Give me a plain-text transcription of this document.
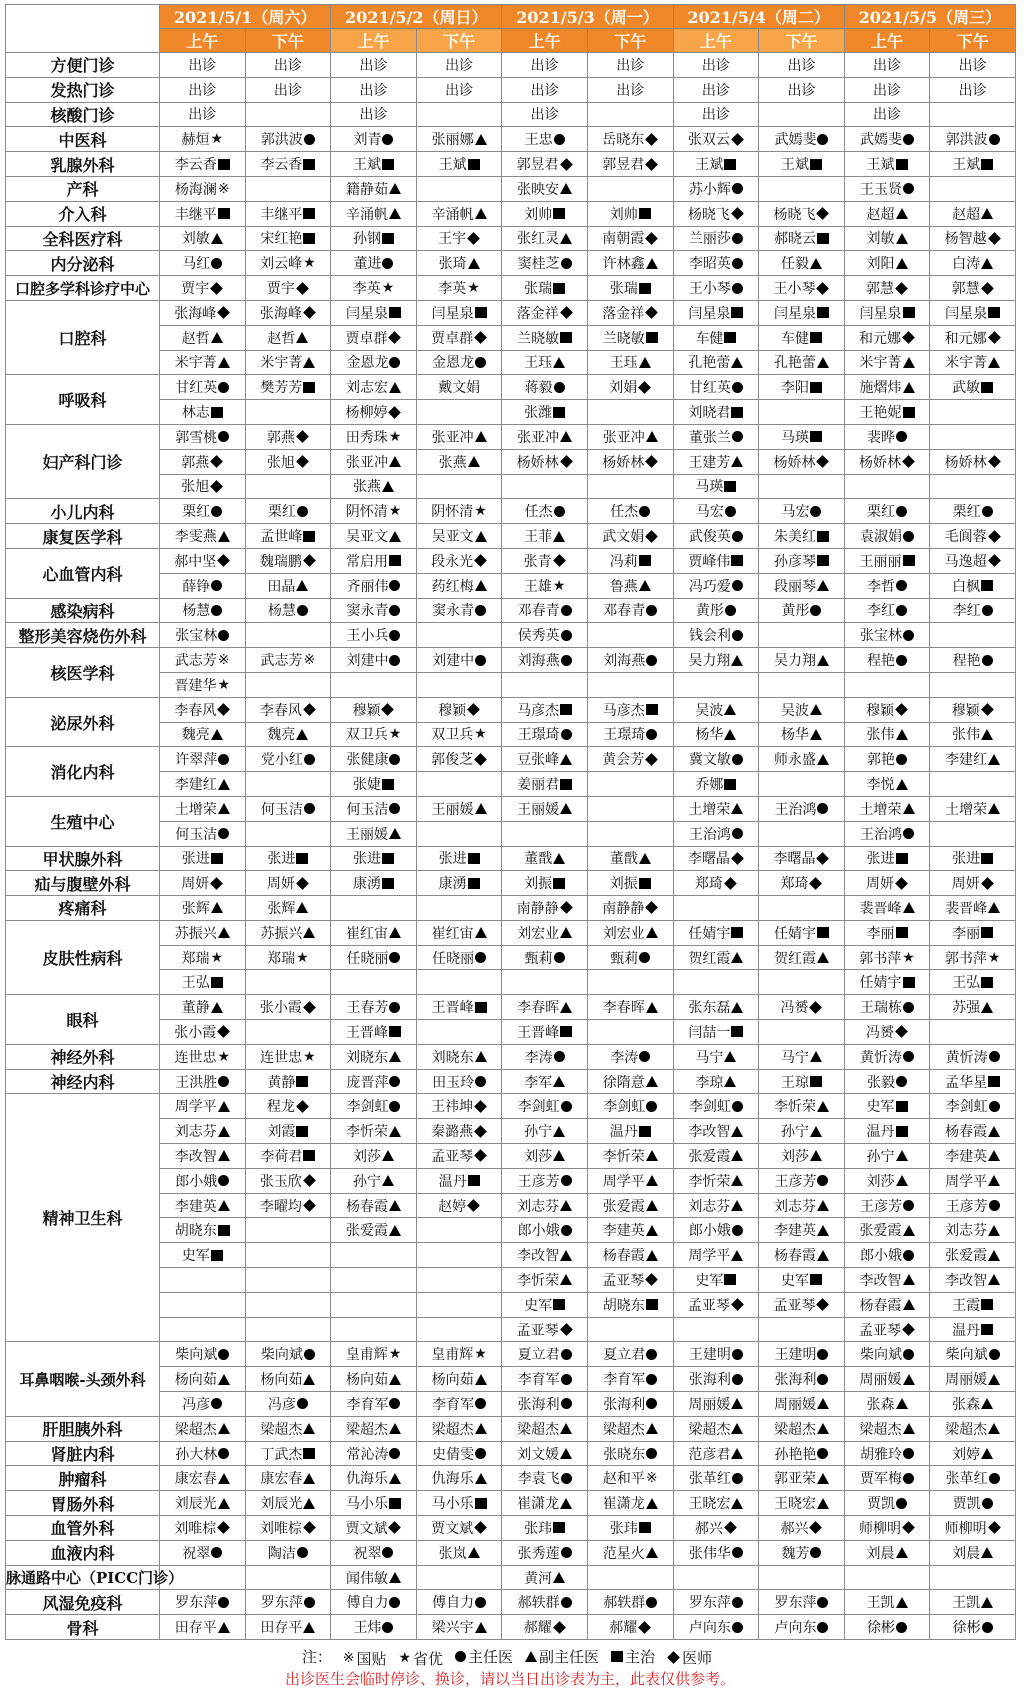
	2021/5/1（周六）		2021/5/2（周日）		2021/5/3（周一）		2021/5/4（周二）		2021/5/5（周三）	
	上午	下午	上午	下午	上午	下午	上午	下午	上午	下午
方便门诊	出诊	出诊	出诊	出诊	出诊	出诊	出诊	出诊	出诊	出诊

发热门诊	出诊	出诊	出诊	出诊	出诊	出诊	出诊	出诊	出诊	出诊

核酸门诊	出诊		出诊		出诊		出诊		出诊	

中医科	赫烜 ★	郭洪波	刘青	张丽娜	王忠	岳晓东	张双云	武嫣斐	武嫣斐	郭洪波

乳腺外科	李云香	李云香	王斌	王斌	郭昱君	郭昱君	王斌	王斌	王斌	王斌

产科	杨海澜 ※		籍静茹		张映安		苏小辉		王玉贤	

介入科	丰继平	丰继平	辛涌帆	辛涌帆	刘帅	刘帅	杨晓飞	杨晓飞	赵超	赵超

全科医疗科	刘敏	宋红艳	孙钢	王宇	张红灵	南朝霞	兰丽莎	郝晓云	刘敏	杨智越

内分泌科	马红	刘云峰 ★	董进	张琦	窦桂芝	许林鑫	李昭英	任毅	刘阳	白涛

口腔多学科诊疗中心	贾宇	贾宇	李英 ★	李英 ★	张瑞	张瑞	王小琴	王小琴	郭慧	郭慧

口腔科	张海峰	张海峰	闫星泉	闫星泉	落金祥	落金祥	闫星泉	闫星泉	闫星泉	闫星泉

	赵哲	赵哲	贾卓群	贾卓群	兰晓敏	兰晓敏	车健	车健	和元娜	和元娜

	米宇菁	米宇菁	金恩龙	金恩龙	王珏	王珏	孔艳蕾	孔艳蕾	米宇菁	米宇菁

呼吸科	甘红英	樊芳芳	刘志宏	戴文娟	蒋毅	刘娟	甘红英	李阳	施熠炜	武敏

	林志		杨柳婷		张潍		刘晓君		王艳妮	

妇产科门诊	郭雪桃	郭燕	田秀珠 ★	张亚冲	张亚冲	张亚冲	董张兰	马瑛	裴晔	

	郭燕	张旭	张亚冲	张燕	杨娇林	杨娇林	王建芳	杨娇林	杨娇林	杨娇林

	张旭		张燕				马瑛			

小儿内科	栗红	栗红	阴怀清 ★	阴怀清 ★	任杰	任杰	马宏	马宏	栗红	栗红

康复医学科	李雯燕	孟世峰	吴亚文	吴亚文	王菲	武文娟	武俊英	朱美红	袁淑娟	毛阆蓉

心血管内科	郝中坚	魏瑞鹏	常启用	段永光	张青	冯莉	贾峰伟	孙彦琴	王丽丽	马逸超

	薛铮	田晶	齐丽伟	药红梅	王雄 ★	鲁燕	冯巧爱	段丽琴	李哲	白枫

感染病科	杨慧	杨慧	窦永青	窦永青	邓春青	邓春青	黄彤	黄彤	李红	李红

整形美容烧伤外科	张宝林		王小兵		侯秀英		钱会利		张宝林	

核医学科	武志芳 ※	武志芳 ※	刘建中	刘建中	刘海燕	刘海燕	吴力翔	吴力翔	程艳	程艳

	晋建华 ★									

泌尿外科	李春风	李春风	穆颖	穆颖	马彦杰	马彦杰	吴波	吴波	穆颖	穆颖

	魏亮	魏亮	双卫兵 ★	双卫兵 ★	王璟琦	王璟琦	杨华	杨华	张伟	张伟

消化内科	许翠萍	党小红	张健康	郭俊芝	豆张峰	黄会芳	冀文敏	师永盛	郭艳	李建红

	李建红		张婕		姜丽君		乔娜		李悦	

生殖中心	土增荣	何玉洁	何玉洁	王丽媛	王丽媛		土增荣	王治鸿	土增荣	土增荣

	何玉洁		王丽媛				王治鸿		王治鸿	

甲状腺外科	张进	张进	张进	张进	董戬	董戬	李曙晶	李曙晶	张进	张进

疝与腹壁外科	周妍	周妍	康湧	康湧	刘振	刘振	郑琦	郑琦	周妍	周妍

疼痛科	张辉	张辉			南静静	南静静			裴晋峰	裴晋峰

皮肤性病科	苏振兴	苏振兴	崔红宙	崔红宙	刘宏业	刘宏业	任婧宇	任婧宇	李丽	李丽

	郑瑞 ★	郑瑞 ★	任晓丽	任晓丽	甄莉	甄莉	贺红霞	贺红霞	郭书萍 ★	郭书萍 ★

	王弘								任婧宇	王弘

眼科	董静	张小霞	王春芳	王晋峰	李春晖	李春晖	张东磊	冯赟	王瑞栋	苏强

	张小霞		王晋峰		王晋峰		闫喆一		冯赟	

神经外科	连世忠 ★	连世忠 ★	刘晓东	刘晓东	李涛	李涛	马宁	马宁	黄忻涛	黄忻涛

神经内科	王洪胜	黄静	庞晋萍	田玉玲	李军	徐隋意	李琼	王琼	张毅	孟华星

精神卫生科	周学平	程龙	李剑虹	王祎坤	李剑虹	李剑虹	李剑虹	李忻荣	史军	李剑虹

	刘志芬	刘霞	李忻荣	秦潞燕	孙宁	温丹	李改智	孙宁	温丹	杨春霞

	李改智	李荷君	刘莎	孟亚琴	刘莎	李忻荣	张爱霞	刘莎	孙宁	李建英

	郎小娥	张玉欣	孙宁	温丹	王彦芳	周学平	李忻荣	王彦芳	刘莎	周学平

	李建英	李曜均	杨春霞	赵婷	刘志芬	张爱霞	刘志芬	刘志芬	王彦芳	王彦芳

	胡晓东		张爱霞		郎小娥	李建英	郎小娥	李建英	张爱霞	刘志芬

	史军				李改智	杨春霞	周学平	杨春霞	郎小娥	张爱霞

					李忻荣	孟亚琴	史军	史军	李改智	李改智

					史军	胡晓东	孟亚琴	孟亚琴	杨春霞	王霞

					孟亚琴				孟亚琴	温丹

耳鼻咽喉-头颈外科	柴向斌	柴向斌	皇甫辉 ★	皇甫辉 ★	夏立君	夏立君	王建明	王建明	柴向斌	柴向斌

	杨向茹	杨向茹	杨向茹	杨向茹	李育军	李育军	张海利	张海利	周丽媛	周丽媛

	冯彦	冯彦	李育军	李育军	张海利	张海利	周丽媛	周丽媛	张森	张森

肝胆胰外科	梁超杰	梁超杰	梁超杰	梁超杰	梁超杰	梁超杰	梁超杰	梁超杰	梁超杰	梁超杰

肾脏内科	孙大林	丁武杰	常沁涛	史倩雯	刘文媛	张晓东	范彦君	孙艳艳	胡雅玲	刘婷

肿瘤科	康宏春	康宏春	仇海乐	仇海乐	李袁飞	赵和平 ※	张革红	郭亚荣	贾军梅	张革红

胃肠外科	刘辰光	刘辰光	马小乐	马小乐	崔潇龙	崔潇龙	王晓宏	王晓宏	贾凯	贾凯

血管外科	刘唯棕	刘唯棕	贾文斌	贾文斌	张玮	张玮	郝兴	郝兴	师柳明	师柳明

血液内科	祝翠	陶洁	祝翠	张岚	张秀莲	范星火	张伟华	魏芳	刘晨	刘晨

脉通路中心（PICC门诊）			闻伟敏		黄河					

风湿免疫科	罗东萍	罗东萍	傅自力	傅自力	郝轶群	郝轶群	罗东萍	罗东萍	王凯	王凯

骨科	田存平	田存平	王炜	梁兴宇	郝耀	郝耀	卢向东	卢向东	徐彬	徐彬
注： ※ 国贴 ★ 省优 主任医 副主任医 主治 医师
出诊医生会临时停诊、换诊，请以当日出诊表为主，此表仅供参考。
